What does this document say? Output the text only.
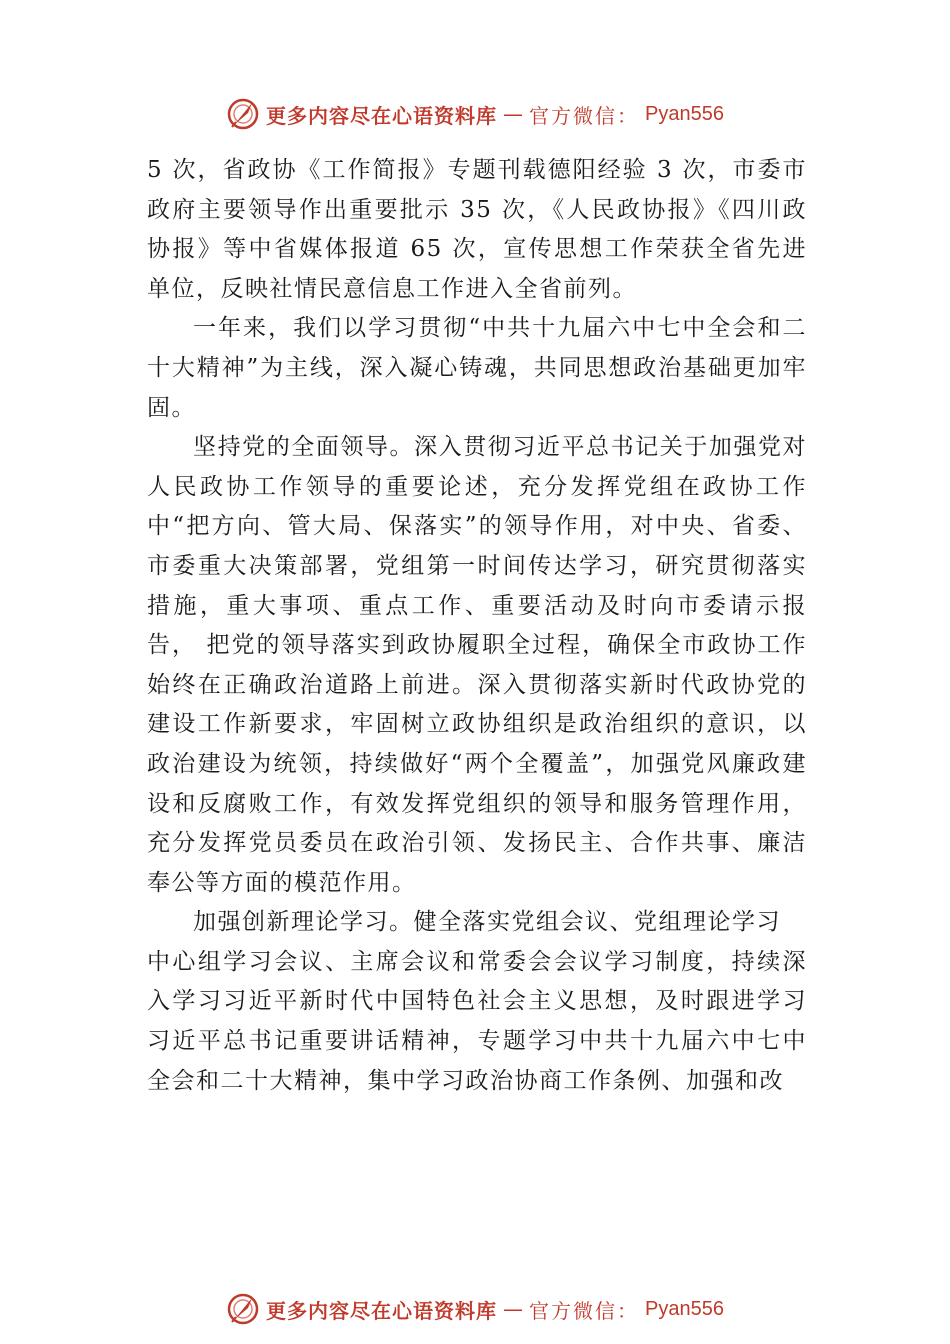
更多内容尽在心语资料库 — 官方微信： Pyan556

5 次，省政协《工作简报》专题刊载德阳经验 3 次，市委市政府主要领导作出重要批示 35 次，《人民政协报》《四川政协报》等中省媒体报道 65 次，宣传思想工作荣获全省先进单位，反映社情民意信息工作进入全省前列。

一年来，我们以学习贯彻“中共十九届六中七中全会和二十大精神”为主线，深入凝心铸魂，共同思想政治基础更加牢固。

坚持党的全面领导。深入贯彻习近平总书记关于加强党对人民政协工作领导的重要论述，充分发挥党组在政协工作中“把方向、管大局、保落实”的领导作用，对中央、省委、 市委重大决策部署，党组第一时间传达学习，研究贯彻落实措施，重大事项、重点工作、重要活动及时向市委请示报告， 把党的领导落实到政协履职全过程，确保全市政协工作始终在正确政治道路上前进。深入贯彻落实新时代政协党的建设工作新要求，牢固树立政协组织是政治组织的意识，以政治建设为统领，持续做好“两个全覆盖”，加强党风廉政建设和反腐败工作，有效发挥党组织的领导和服务管理作用，充分发挥党员委员在政治引领、发扬民主、合作共事、廉洁奉公等方面的模范作用。

加强创新理论学习。健全落实党组会议、党组理论学习

中心组学习会议、主席会议和常委会会议学习制度，持续深入学习习近平新时代中国特色社会主义思想，及时跟进学习习近平总书记重要讲话精神，专题学习中共十九届六中七中全会和二十大精神，集中学习政治协商工作条例、加强和改

更多内容尽在心语资料库 — 官方微信： Pyan556
